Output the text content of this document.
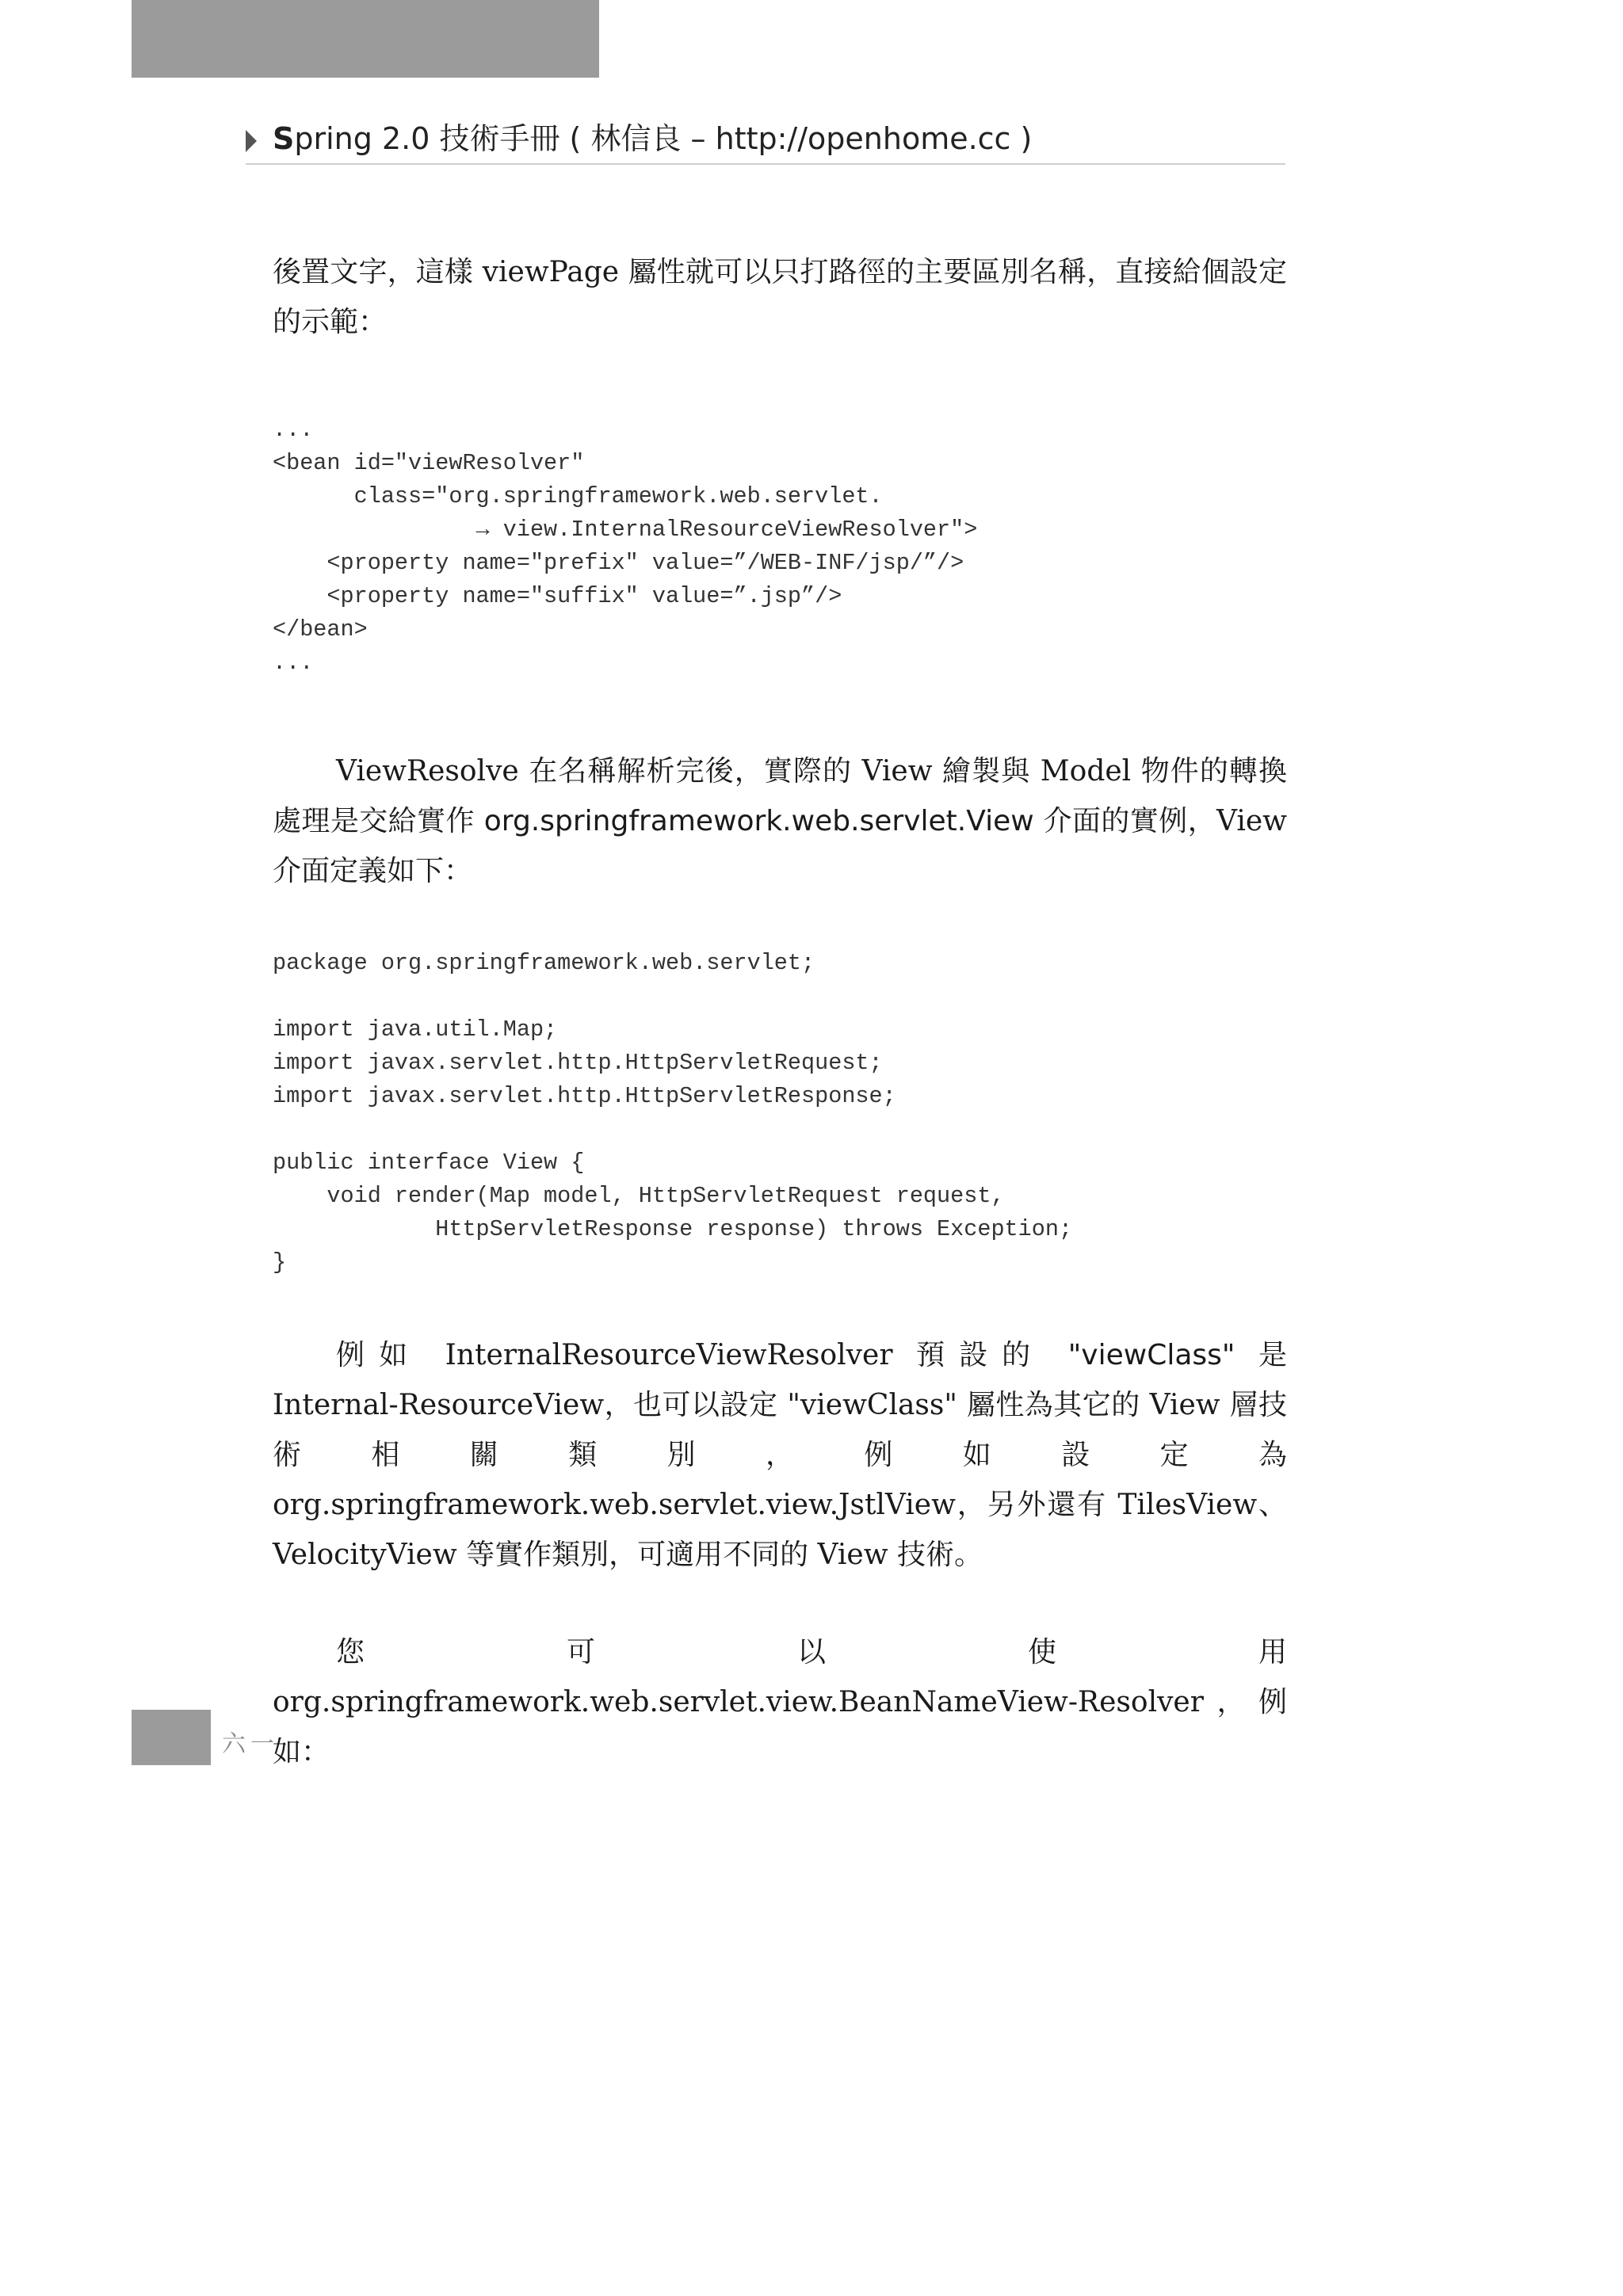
Spring 2.0 技術手冊 ( 林信良 – http://openhome.cc )

後置文字，這樣 viewPage 屬性就可以只打路徑的主要區別名稱，直接給個設定的示範：

...
<bean id="viewResolver"
class="org.springframework.web.servlet.
→ view.InternalResourceViewResolver">
<property name="prefix" value=”/WEB-INF/jsp/”/>
<property name="suffix" value=”.jsp”/>
</bean>
...

ViewResolve 在名稱解析完後，實際的 View 繪製與 Model 物件的轉換處理是交給實作 org.springframework.web.servlet.View 介面的實例，View 介面定義如下：

package org.springframework.web.servlet;

import java.util.Map;
import javax.servlet.http.HttpServletRequest;
import javax.servlet.http.HttpServletResponse;

public interface View {
void render(Map model, HttpServletRequest request,
HttpServletResponse response) throws Exception;
}

例如 InternalResourceViewResolver 預設的 "viewClass" 是 Internal-ResourceView，也可以設定 "viewClass" 屬性為其它的 View 層技術相關類別，例如設定為 org.springframework.web.servlet.view.JstlView，另外還有 TilesView、VelocityView 等實作類別，可適用不同的 View 技術。

您可以使用 org.springframework.web.servlet.view.BeanNameView-Resolver，例如：

六一
